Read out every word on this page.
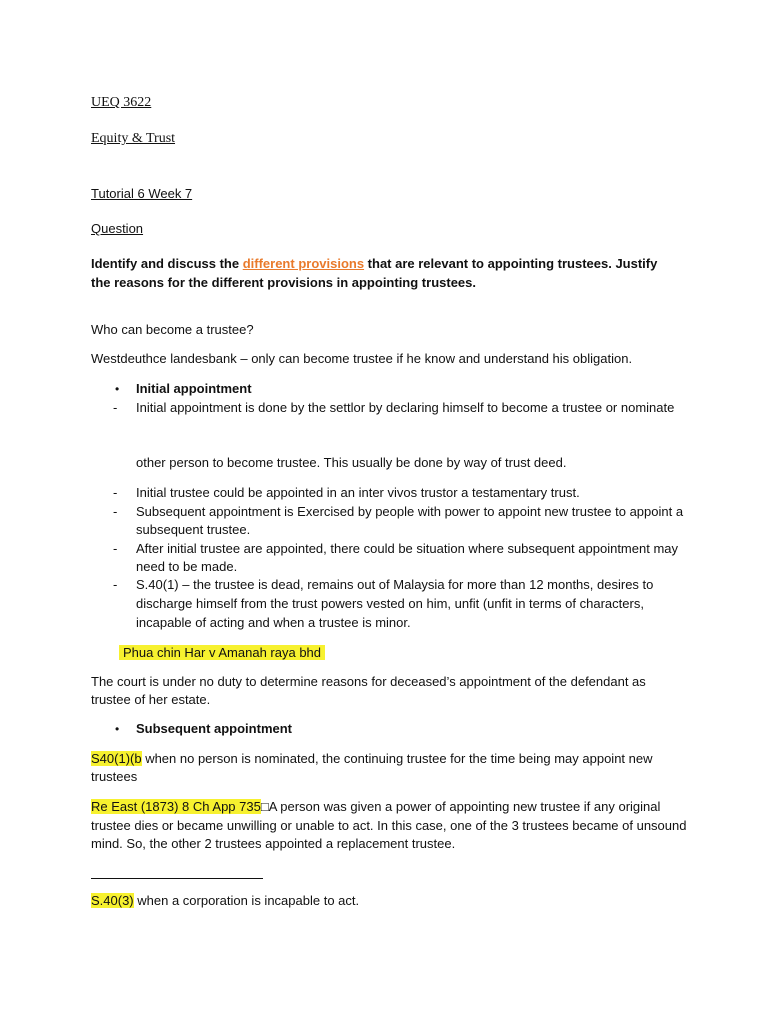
UEQ 3622
Equity & Trust
Tutorial 6 Week 7
Question
Identify and discuss the different provisions that are relevant to appointing trustees. Justify
the reasons for the different provisions in appointing trustees.
Who can become a trustee?
Westdeuthce landesbank – only can become trustee if he know and understand his obligation.
• Initial appointment
- Initial appointment is done by the settlor by declaring himself to become a trustee or nominate
other person to become trustee. This usually be done by way of trust deed.
- Initial trustee could be appointed in an inter vivos trustor a testamentary trust.
- Subsequent appointment is Exercised by people with power to appoint new trustee to appoint a
subsequent trustee.
- After initial trustee are appointed, there could be situation where subsequent appointment may
need to be made.
- S.40(1) – the trustee is dead, remains out of Malaysia for more than 12 months, desires to
discharge himself from the trust powers vested on him, unfit (unfit in terms of characters,
incapable of acting and when a trustee is minor.
Phua chin Har v Amanah raya bhd
The court is under no duty to determine reasons for deceased’s appointment of the defendant as
trustee of her estate.
• Subsequent appointment
S40(1)(b when no person is nominated, the continuing trustee for the time being may appoint new
trustees
Re East (1873) 8 Ch App 735□A person was given a power of appointing new trustee if any original
trustee dies or became unwilling or unable to act. In this case, one of the 3 trustees became of unsound
mind. So, the other 2 trustees appointed a replacement trustee.
S.40(3) when a corporation is incapable to act.
